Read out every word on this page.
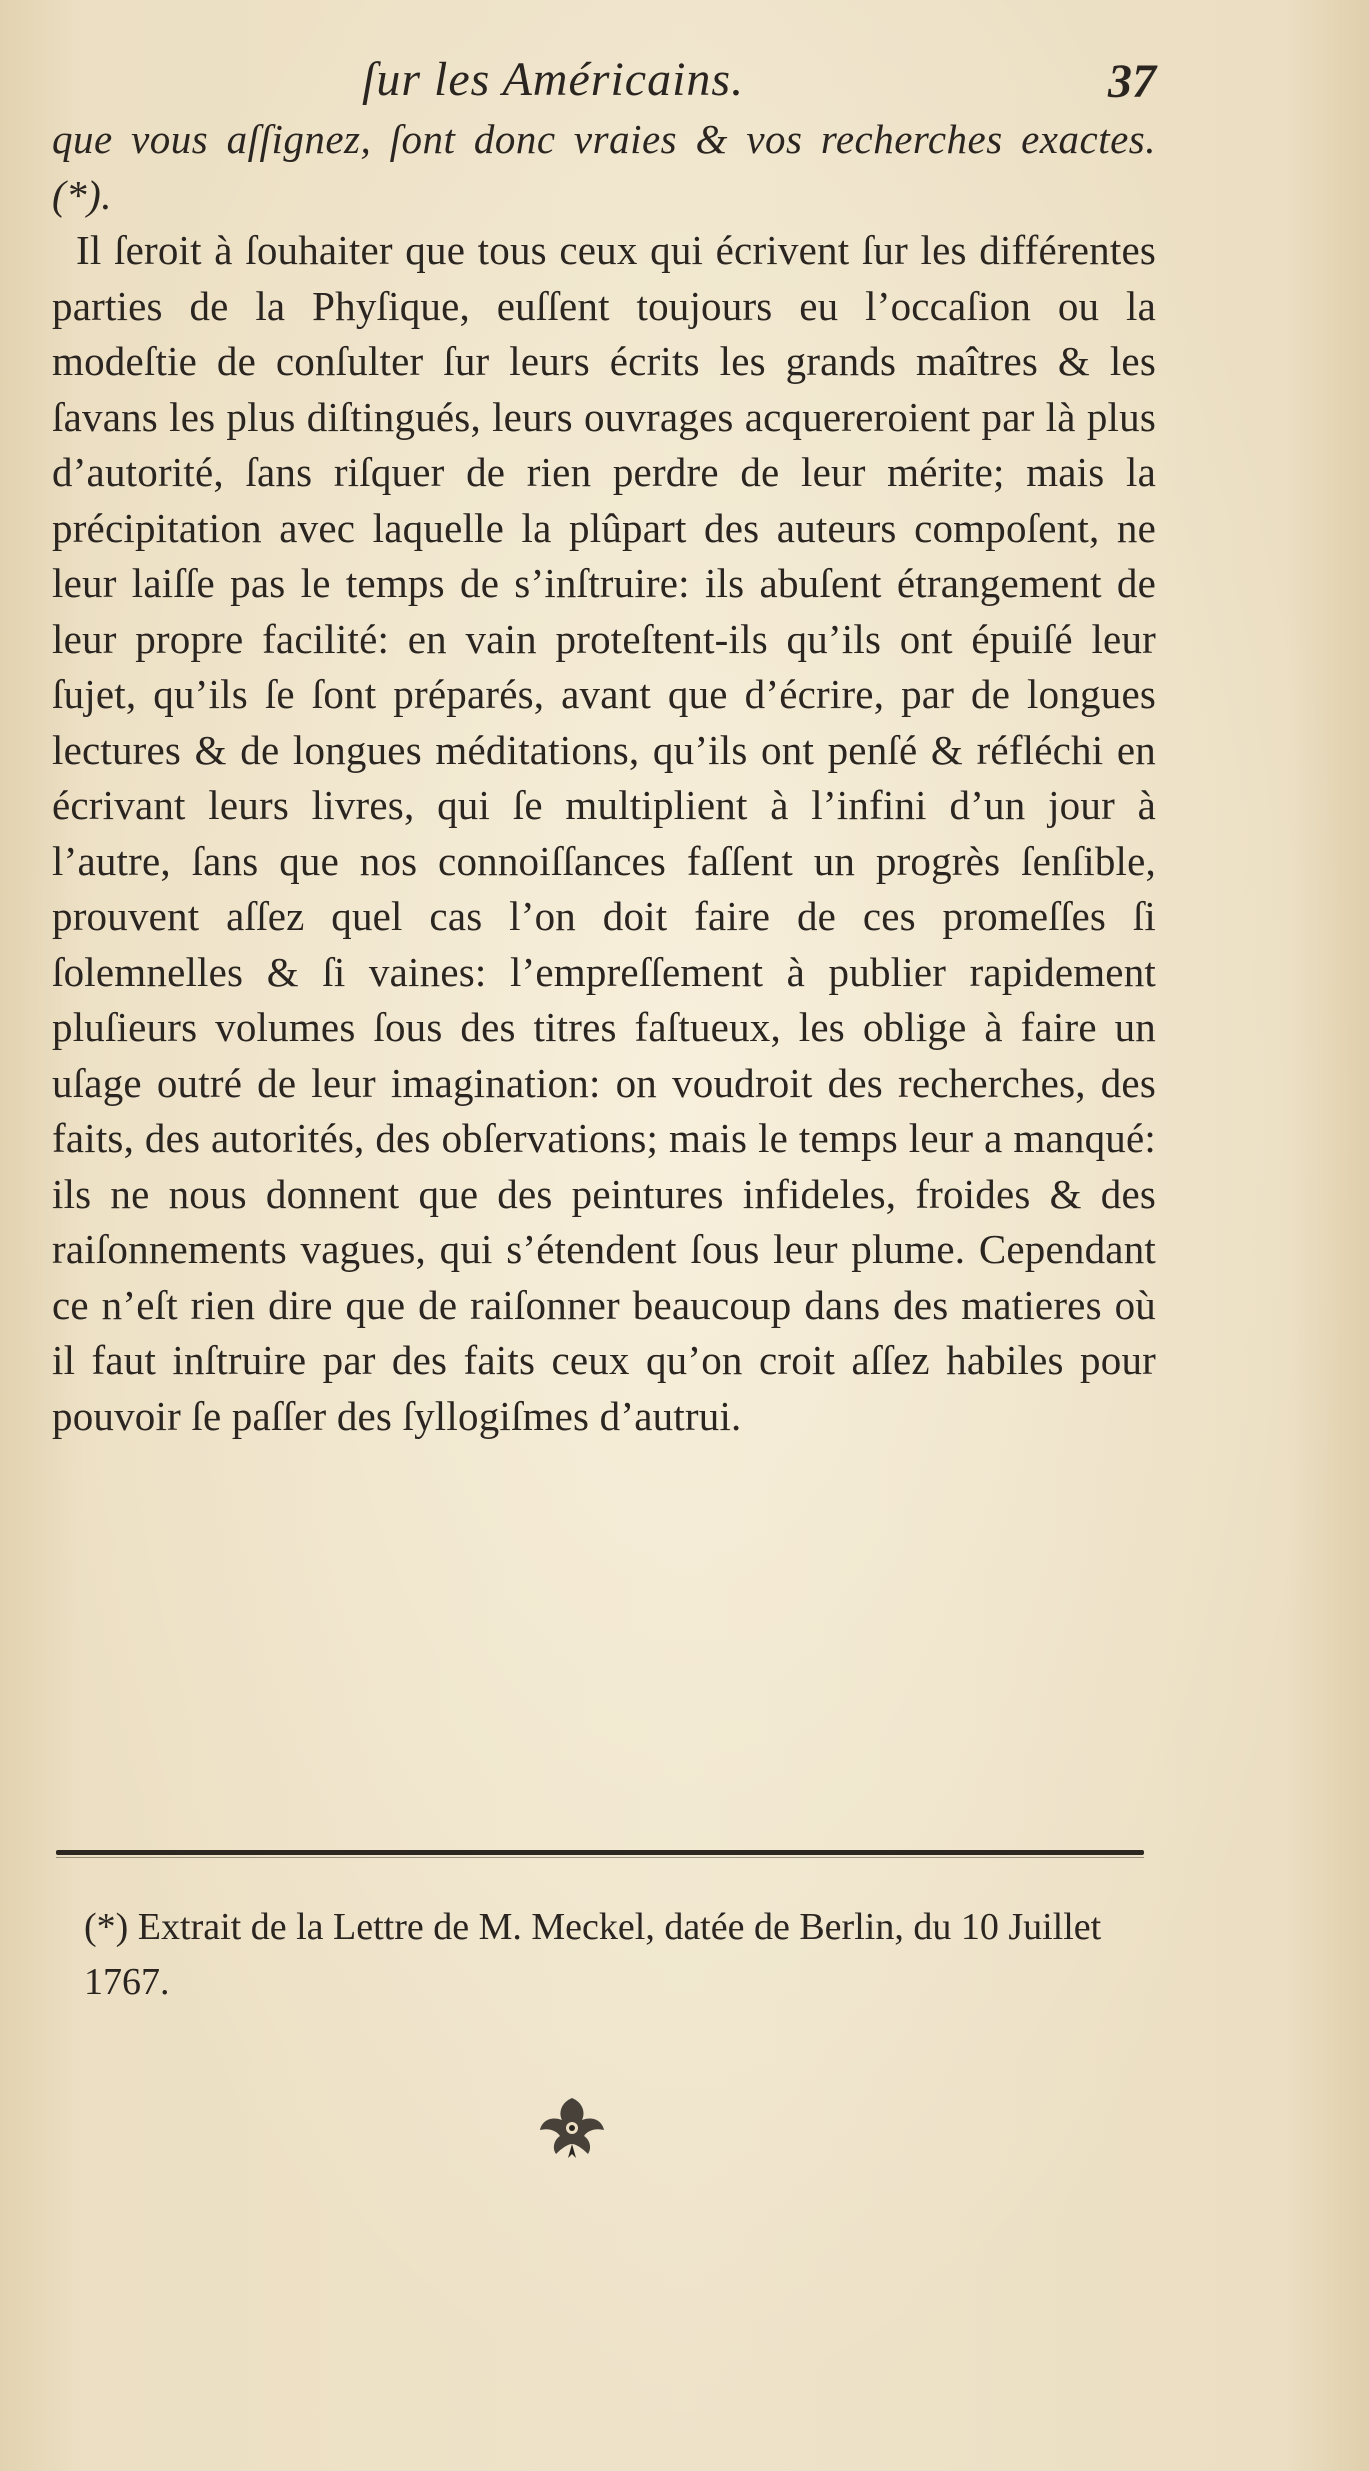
ſur les Américains.	37

que vous aſſignez, ſont donc vraies & vos recherches exactes. (*).

Il ſeroit à ſouhaiter que tous ceux qui écrivent ſur les différentes parties de la Phyſique, euſſent toujours eu l’occaſion ou la modeſtie de conſulter ſur leurs écrits les grands maîtres & les ſavans les plus diſtingués, leurs ouvrages acquereroient par là plus d’autorité, ſans riſquer de rien perdre de leur mérite; mais la précipitation avec laquelle la plûpart des auteurs compoſent, ne leur laiſſe pas le temps de s’inſtruire: ils abuſent étrangement de leur propre facilité: en vain proteſtent-ils qu’ils ont épuiſé leur ſujet, qu’ils ſe ſont préparés, avant que d’écrire, par de longues lectures & de longues méditations, qu’ils ont penſé & réfléchi en écrivant leurs livres, qui ſe multiplient à l’infini d’un jour à l’autre, ſans que nos connoiſſances faſſent un progrès ſenſible, prouvent aſſez quel cas l’on doit faire de ces promeſſes ſi ſolemnelles & ſi vaines: l’empreſſement à publier rapidement pluſieurs volumes ſous des titres faſtueux, les oblige à faire un uſage outré de leur imagination: on voudroit des recherches, des faits, des autorités, des obſervations; mais le temps leur a manqué: ils ne nous donnent que des peintures infideles, froides & des raiſonnements vagues, qui s’étendent ſous leur plume. Cependant ce n’eſt rien dire que de raiſonner beaucoup dans des matieres où il faut inſtruire par des faits ceux qu’on croit aſſez habiles pour pouvoir ſe paſſer des ſyllogiſmes d’autrui.

(*) Extrait de la Lettre de M. Meckel, datée de Berlin, du 10 Juillet 1767.
